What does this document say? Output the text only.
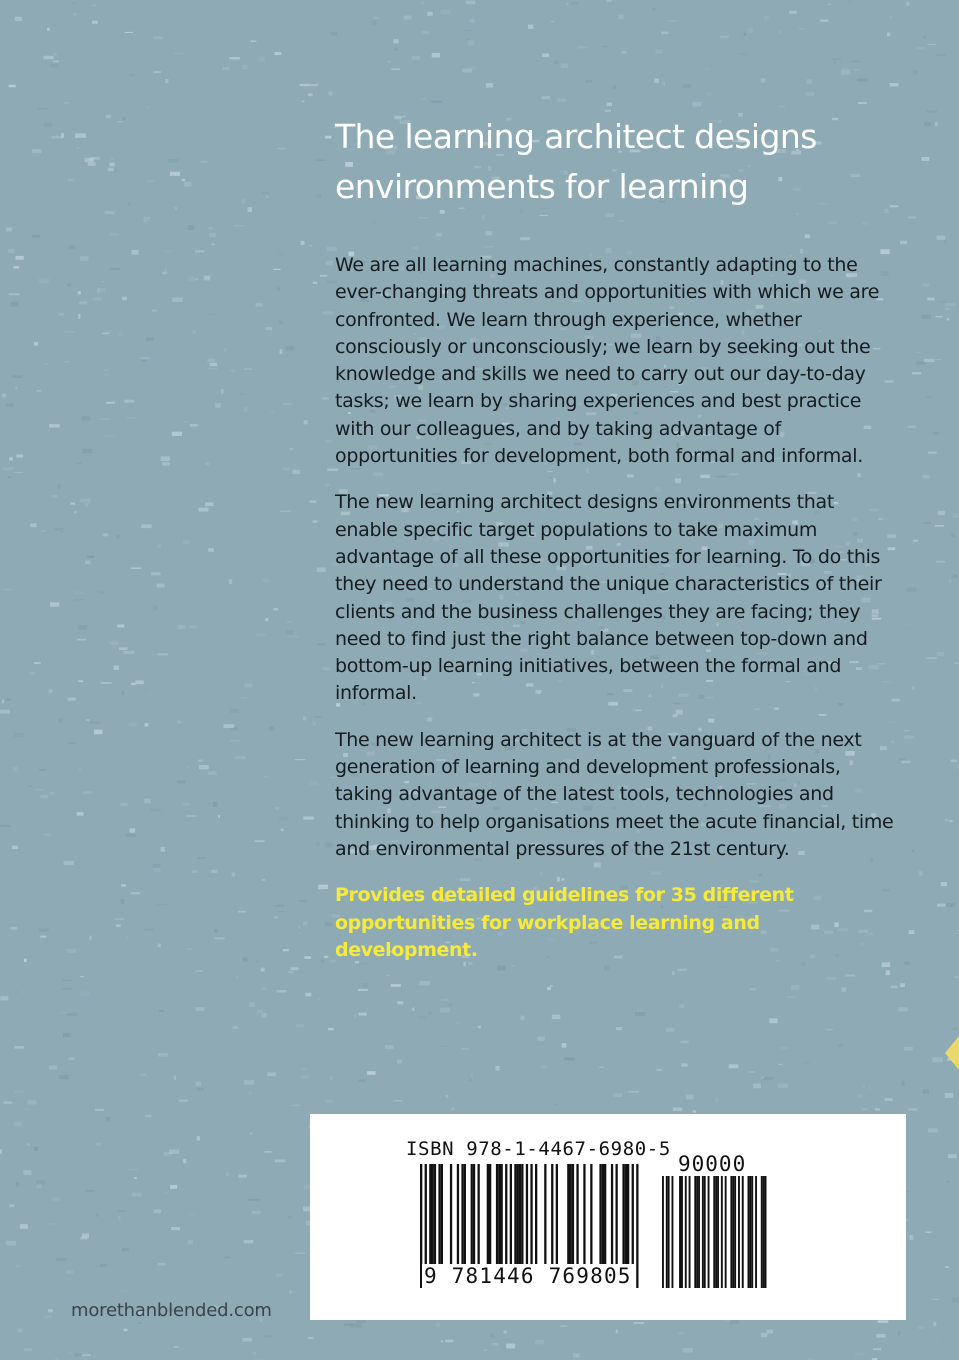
The learning architect designs
environments for learning

We are all learning machines, constantly adapting to the ever-changing threats and opportunities with which we are confronted. We learn through experience, whether consciously or unconsciously; we learn by seeking out the knowledge and skills we need to carry out our day-to-day tasks; we learn by sharing experiences and best practice with our colleagues, and by taking advantage of opportunities for development, both formal and informal.

The new learning architect designs environments that enable specific target populations to take maximum advantage of all these opportunities for learning. To do this they need to understand the unique characteristics of their clients and the business challenges they are facing; they need to find just the right balance between top-down and bottom-up learning initiatives, between the formal and informal.

The new learning architect is at the vanguard of the next generation of learning and development professionals, taking advantage of the latest tools, technologies and thinking to help organisations meet the acute financial, time and environmental pressures of the 21st century.

Provides detailed guidelines for 35 different opportunities for workplace learning and development.

morethanblended.com
ISBN 978-1-4467-6980-5
90000
9 781446 769805
